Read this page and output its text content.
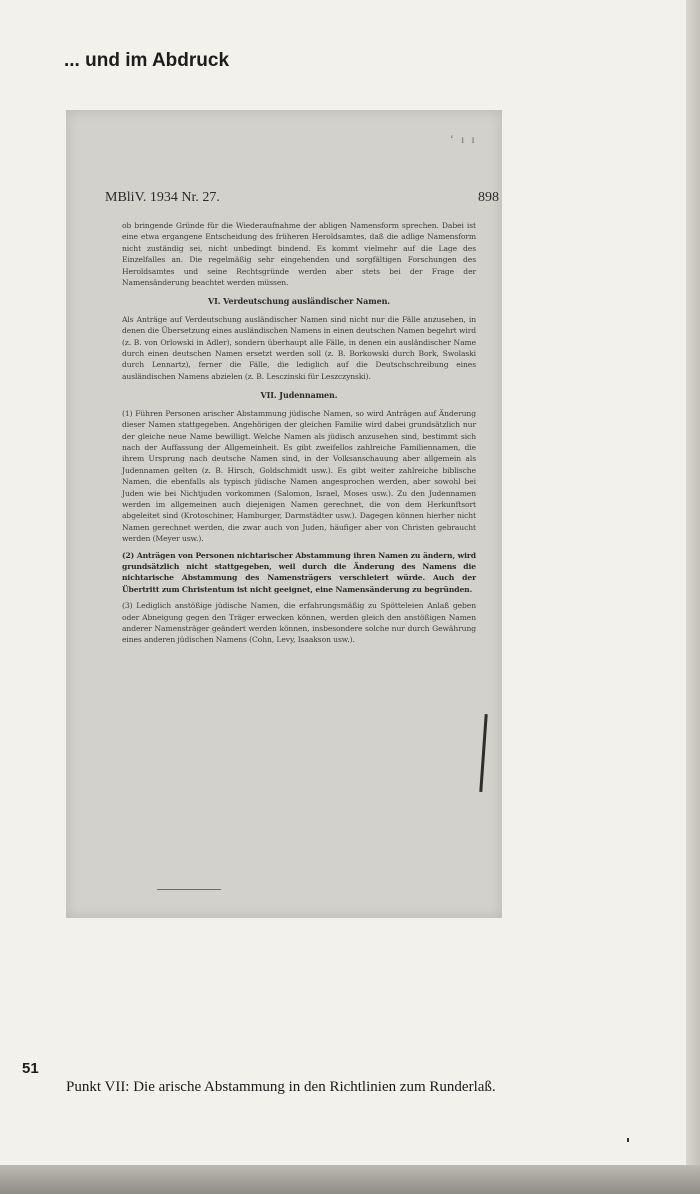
... und im Abdruck
ʻ ı ı
MBliV. 1934 Nr. 27.	898

ob bringende Gründe für die Wiederaufnahme der abligen Namensform sprechen. Dabei ist eine etwa ergangene Entscheidung des früheren Heroldsamtes, daß die adlige Namensform nicht zuständig sei, nicht unbedingt bindend. Es kommt vielmehr auf die Lage des Einzelfalles an. Die regelmäßig sehr eingehenden und sorgfältigen Forschungen des Heroldsamtes und seine Rechtsgründe werden aber stets bei der Frage der Namensänderung beachtet werden müssen.

VI. Verdeutschung ausländischer Namen.

Als Anträge auf Verdeutschung ausländischer Namen sind nicht nur die Fälle anzusehen, in denen die Übersetzung eines ausländischen Namens in einen deutschen Namen begehrt wird (z. B. von Orlowski in Adler), sondern überhaupt alle Fälle, in denen ein ausländischer Name durch einen deutschen Namen ersetzt werden soll (z. B. Borkowski durch Bork, Swolaski durch Lennartz), ferner die Fälle, die lediglich auf die Deutschschreibung eines ausländischen Namens abzielen (z. B. Lesczinski für Leszczynski).

VII. Judennamen.

(1) Führen Personen arischer Abstammung jüdische Namen, so wird Anträgen auf Änderung dieser Namen stattgegeben. Angehörigen der gleichen Familie wird dabei grundsätzlich nur der gleiche neue Name bewilligt. Welche Namen als jüdisch anzusehen sind, bestimmt sich nach der Auffassung der Allgemeinheit. Es gibt zweifellos zahlreiche Familiennamen, die ihrem Ursprung nach deutsche Namen sind, in der Volksanschauung aber allgemein als Judennamen gelten (z. B. Hirsch, Goldschmidt usw.). Es gibt weiter zahlreiche biblische Namen, die ebenfalls als typisch jüdische Namen angesprochen werden, aber sowohl bei Juden wie bei Nichtjuden vorkommen (Salomon, Israel, Moses usw.). Zu den Judennamen werden im allgemeinen auch diejenigen Namen gerechnet, die von dem Herkunftsort abgeleitet sind (Krotoschiner, Hamburger, Darmstädter usw.). Dagegen können hierher nicht Namen gerechnet werden, die zwar auch von Juden, häufiger aber von Christen gebraucht werden (Meyer usw.).

(2) Anträgen von Personen nichtarischer Abstammung ihren Namen zu ändern, wird grundsätzlich nicht stattgegeben, weil durch die Änderung des Namens die nichtarische Abstammung des Namensträgers verschleiert würde. Auch der Übertritt zum Christentum ist nicht geeignet, eine Namensänderung zu begründen.

(3) Lediglich anstößige jüdische Namen, die erfahrungsmäßig zu Spötteleien Anlaß geben oder Abneigung gegen den Träger erwecken können, werden gleich den anstößigen Namen anderer Namensträger geändert werden können, insbesondere solche nur durch Gewährung eines anderen jüdischen Namens (Cohn, Levy, Isaakson usw.).

51
Punkt VII: Die arische Abstammung in den Richtlinien zum Runderlaß.
